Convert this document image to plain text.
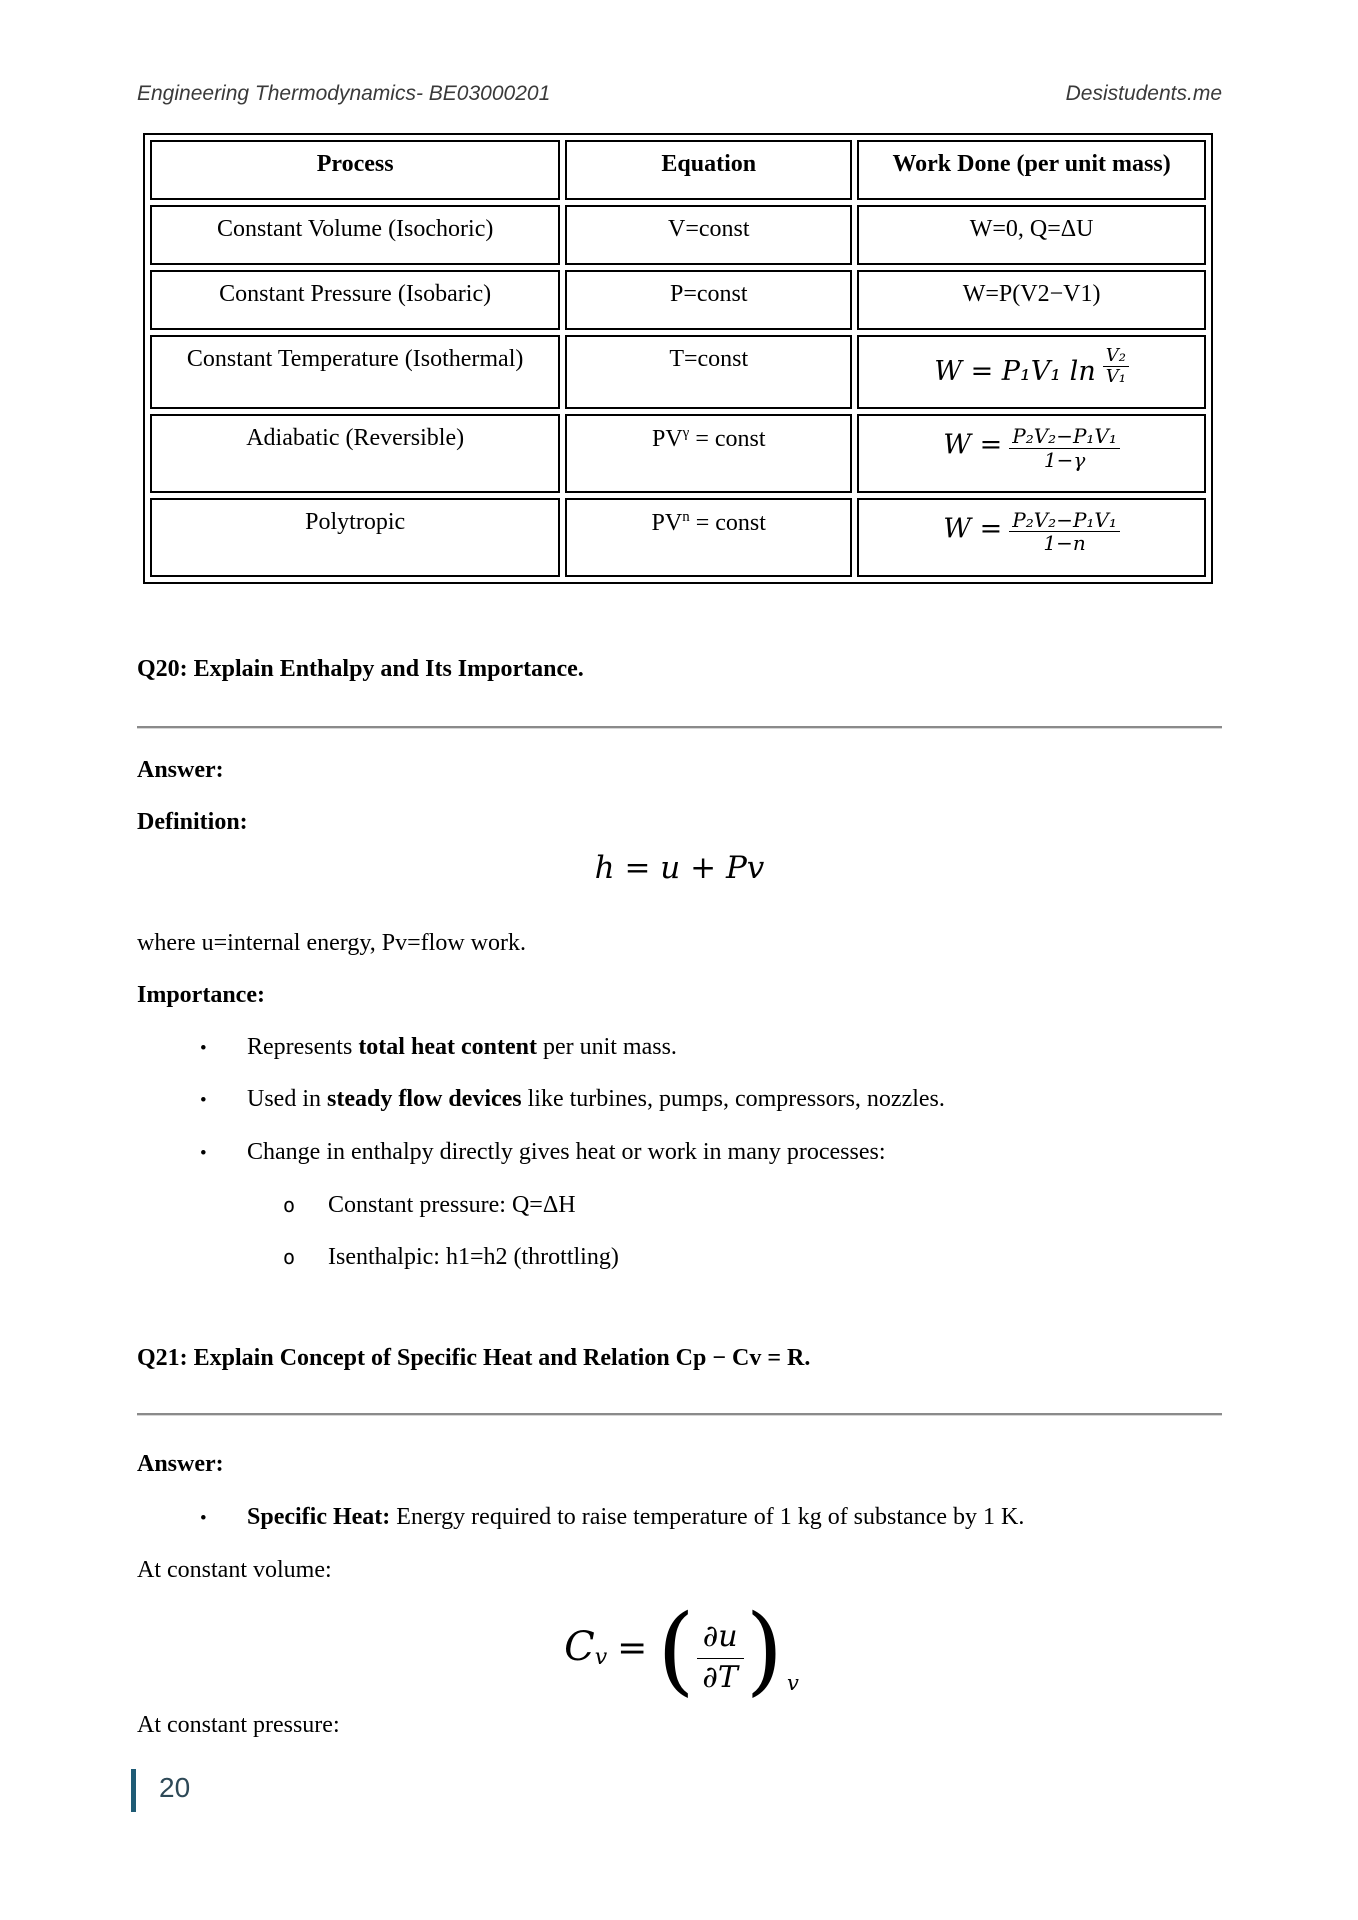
Engineering Thermodynamics- BE03000201	Desistudents.me
Process	Equation	Work Done (per unit mass)
Constant Volume (Isochoric)	V=const	W=0, Q=ΔU
Constant Pressure (Isobaric)	P=const	W=P(V2−V1)
Constant Temperature (Isothermal)	T=const	W = P₁V₁ $\ln \frac{\text{V₂}}{\text{V₁}}$

Adiabatic (Reversible)	$PV^\gamma$ = const	$W = \frac{\text{P₂V₂−P₁V₁}}{1-\gamma}$

Polytropic	$PV^n$ = const	$W = \frac{\text{P₂V₂−P₁V₁}}{1-n}$
Q20: Explain Enthalpy and Its Importance.
Answer:
Definition:
h = u + Pv
where u=internal energy, Pv=flow work.
Importance:
•	Represents total heat content per unit mass.
•	Used in steady flow devices like turbines, pumps, compressors, nozzles.
•	Change in enthalpy directly gives heat or work in many processes:
o	Constant pressure: Q=ΔH
o	Isenthalpic: h1=h2 (throttling)
Q21: Explain Concept of Specific Heat and Relation Cp − Cv = R.
Answer:
•	Specific Heat: Energy required to raise temperature of 1 kg of substance by 1 K.
At constant volume:
$C_v$ = ( $\frac{\partial u}{\partial T}$ ) v
At constant pressure:
20
